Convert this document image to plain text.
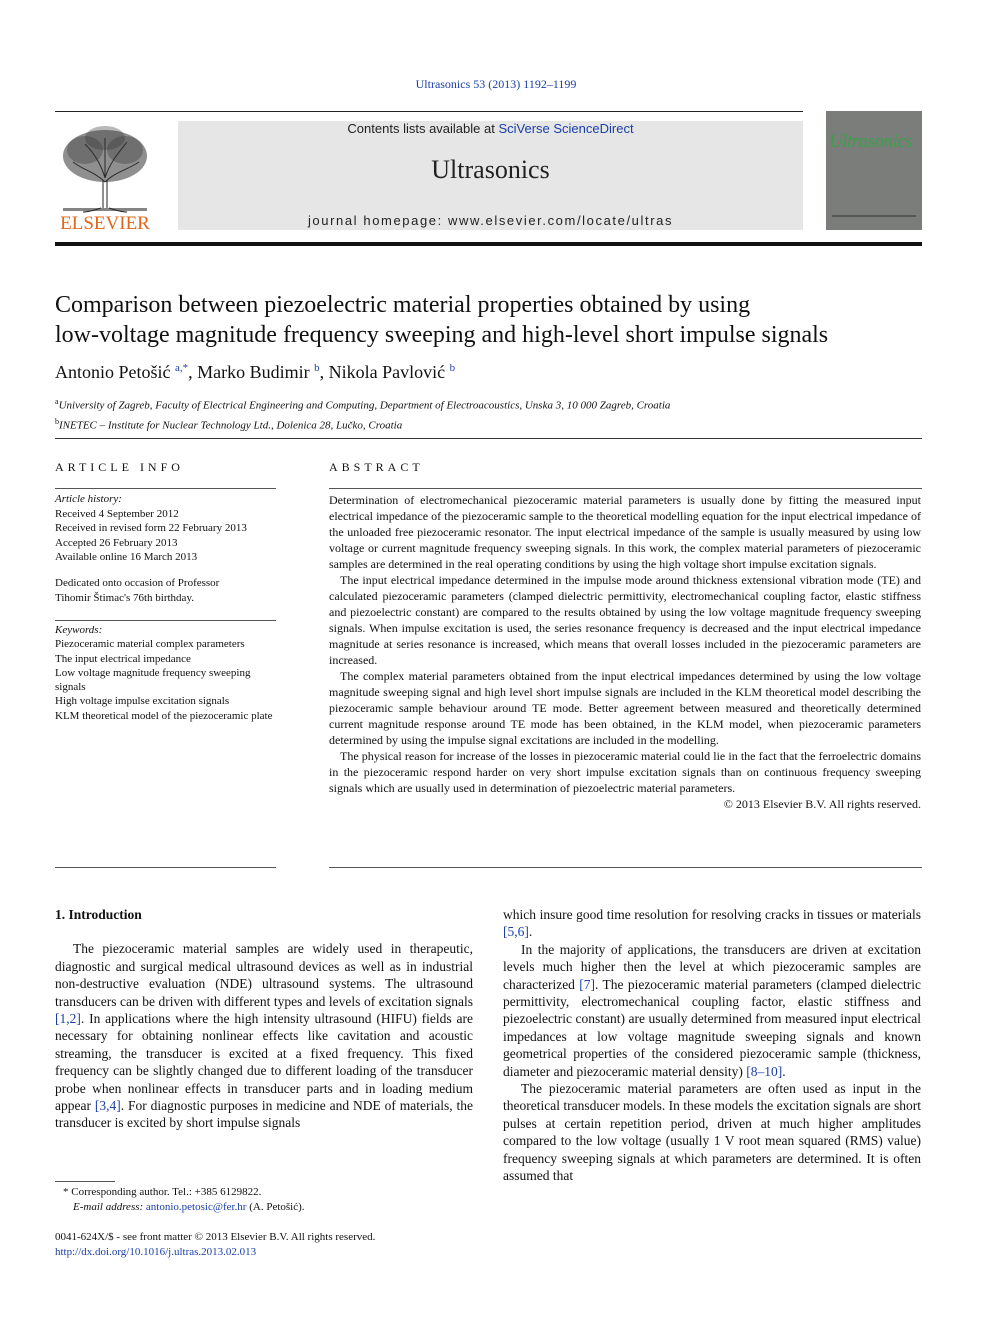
Ultrasonics 53 (2013) 1192–1199
ELSEVIER
Contents lists available at SciVerse ScienceDirect
Ultrasonics
journal homepage: www.elsevier.com/locate/ultras
Ultrasonics
Comparison between piezoelectric material properties obtained by using
low-voltage magnitude frequency sweeping and high-level short impulse signals
Antonio Petošić $^{a,*}$, Marko Budimir $^b$, Nikola Pavlović $^b$
$^a$University of Zagreb, Faculty of Electrical Engineering and Computing, Department of Electroacoustics, Unska 3, 10 000 Zagreb, Croatia
$^b$INETEC – Institute for Nuclear Technology Ltd., Dolenica 28, Lučko, Croatia
ARTICLE INFO	ABSTRACT
Article history:
Received 4 September 2012
Received in revised form 22 February 2013
Accepted 26 February 2013
Available online 16 March 2013
Dedicated onto occasion of Professor
Tihomir Štimac's 76th birthday.
Keywords:
Piezoceramic material complex parameters
The input electrical impedance
Low voltage magnitude frequency sweeping signals
High voltage impulse excitation signals
KLM theoretical model of the piezoceramic plate

Determination of electromechanical piezoceramic material parameters is usually done by fitting the measured input electrical impedance of the piezoceramic sample to the theoretical modelling equation for the input electrical impedance of the unloaded free piezoceramic resonator. The input electrical impedance of the sample is usually measured by using low voltage or current magnitude frequency sweeping signals. In this work, the complex material parameters of piezoceramic samples are determined in the real operating conditions by using the high voltage short impulse excitation signals.

The input electrical impedance determined in the impulse mode around thickness extensional vibration mode (TE) and calculated piezoceramic parameters (clamped dielectric permittivity, electromechanical coupling factor, elastic stiffness and piezoelectric constant) are compared to the results obtained by using the low voltage magnitude frequency sweeping signals. When impulse excitation is used, the series resonance frequency is decreased and the input electrical impedance magnitude at series resonance is increased, which means that overall losses included in the piezoceramic parameters are increased.

The complex material parameters obtained from the input electrical impedances determined by using the low voltage magnitude sweeping signal and high level short impulse signals are included in the KLM theoretical model describing the piezoceramic sample behaviour around TE mode. Better agreement between measured and theoretically determined current magnitude response around TE mode has been obtained, in the KLM model, when piezoceramic parameters determined by using the impulse signal excitations are included in the modelling.

The physical reason for increase of the losses in piezoceramic material could lie in the fact that the ferroelectric domains in the piezoceramic respond harder on very short impulse excitation signals than on continuous frequency sweeping signals which are usually used in determination of piezoelectric material parameters.

© 2013 Elsevier B.V. All rights reserved.
1. Introduction

The piezoceramic material samples are widely used in therapeutic, diagnostic and surgical medical ultrasound devices as well as in industrial non-destructive evaluation (NDE) ultrasound systems. The ultrasound transducers can be driven with different types and levels of excitation signals [1,2]. In applications where the high intensity ultrasound (HIFU) fields are necessary for obtaining nonlinear effects like cavitation and acoustic streaming, the transducer is excited at a fixed frequency. This fixed frequency can be slightly changed due to different loading of the transducer probe when nonlinear effects in transducer parts and in loading medium appear [3,4]. For diagnostic purposes in medicine and NDE of materials, the transducer is excited by short impulse signals

which insure good time resolution for resolving cracks in tissues or materials [5,6].

In the majority of applications, the transducers are driven at excitation levels much higher then the level at which piezoceramic samples are characterized [7]. The piezoceramic material parameters (clamped dielectric permittivity, electromechanical coupling factor, elastic stiffness and piezoelectric constant) are usually determined from measured input electrical impedances at low voltage magnitude sweeping signals and known geometrical properties of the considered piezoceramic sample (thickness, diameter and piezoceramic material density) [8–10].

The piezoceramic material parameters are often used as input in the theoretical transducer models. In these models the excitation signals are short pulses at certain repetition period, driven at much higher amplitudes compared to the low voltage (usually 1 V root mean squared (RMS) value) frequency sweeping signals at which parameters are determined. It is often assumed that

* Corresponding author. Tel.: +385 6129822.
E-mail address: antonio.petosic@fer.hr (A. Petošić).
0041-624X/$ - see front matter © 2013 Elsevier B.V. All rights reserved.
http://dx.doi.org/10.1016/j.ultras.2013.02.013
